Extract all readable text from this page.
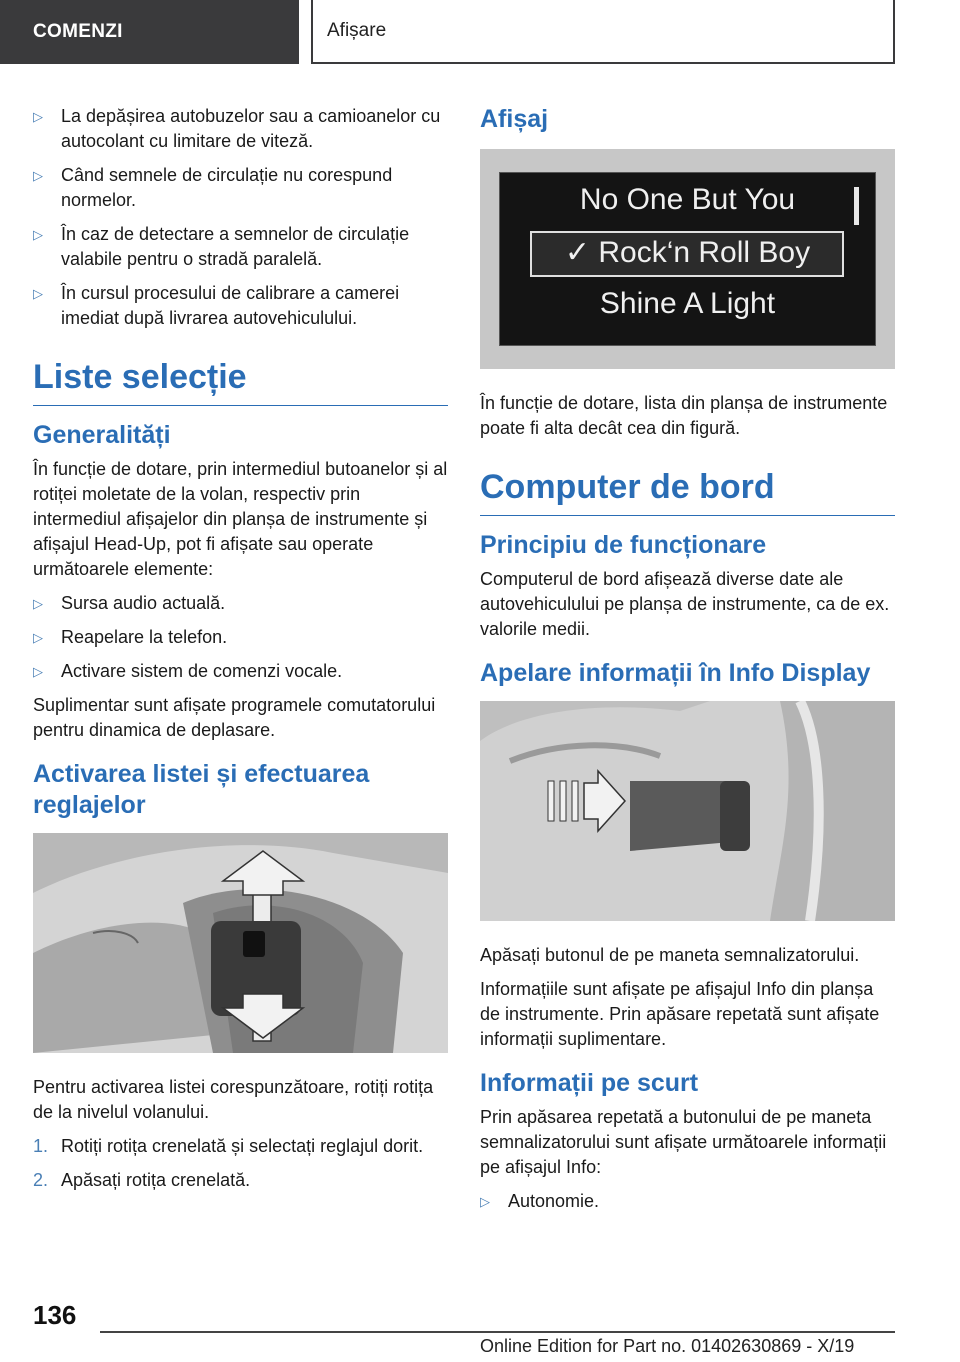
COMENZI	Afișare
▷ La depășirea autobuzelor sau a camioanelor cu autocolant cu limitare de viteză.
▷ Când semnele de circulație nu corespund normelor.
▷ În caz de detectare a semnelor de circulație valabile pentru o stradă paralelă.
▷ În cursul procesului de calibrare a camerei imediat după livrarea autovehiculului.
Liste selecție
Generalități

În funcție de dotare, prin intermediul butoanelor și al rotiței moletate de la volan, respectiv prin intermediul afișajelor din planșa de instrumente și afișajul Head-Up, pot fi afișate sau operate următoarele elemente:

▷ Sursa audio actuală.
▷ Reapelare la telefon.
▷ Activare sistem de comenzi vocale.

Suplimentar sunt afișate programele comutatorului pentru dinamica de deplasare.

Activarea listei și efectuarea reglajelor

Pentru activarea listei corespunzătoare, rotiți rotița de la nivelul volanului.

1. Rotiți rotița crenelată și selectați reglajul dorit.
2. Apăsați rotița crenelată.
Afișaj
No One But You
✓ Rock‘n Roll Boy
Shine A Light

În funcție de dotare, lista din planșa de instrumente poate fi alta decât cea din figură.

Computer de bord
Principiu de funcționare

Computerul de bord afișează diverse date ale autovehiculului pe planșa de instrumente, ca de ex. valorile medii.

Apelare informații în Info Display

Apăsați butonul de pe maneta semnalizatorului.

Informațiile sunt afișate pe afișajul Info din planșa de instrumente. Prin apăsare repetată sunt afișate informații suplimentare.

Informații pe scurt

Prin apăsarea repetată a butonului de pe maneta semnalizatorului sunt afișate următoarele informații pe afișajul Info:

▷ Autonomie.
136
Online Edition for Part no. 01402630869 - X/19
